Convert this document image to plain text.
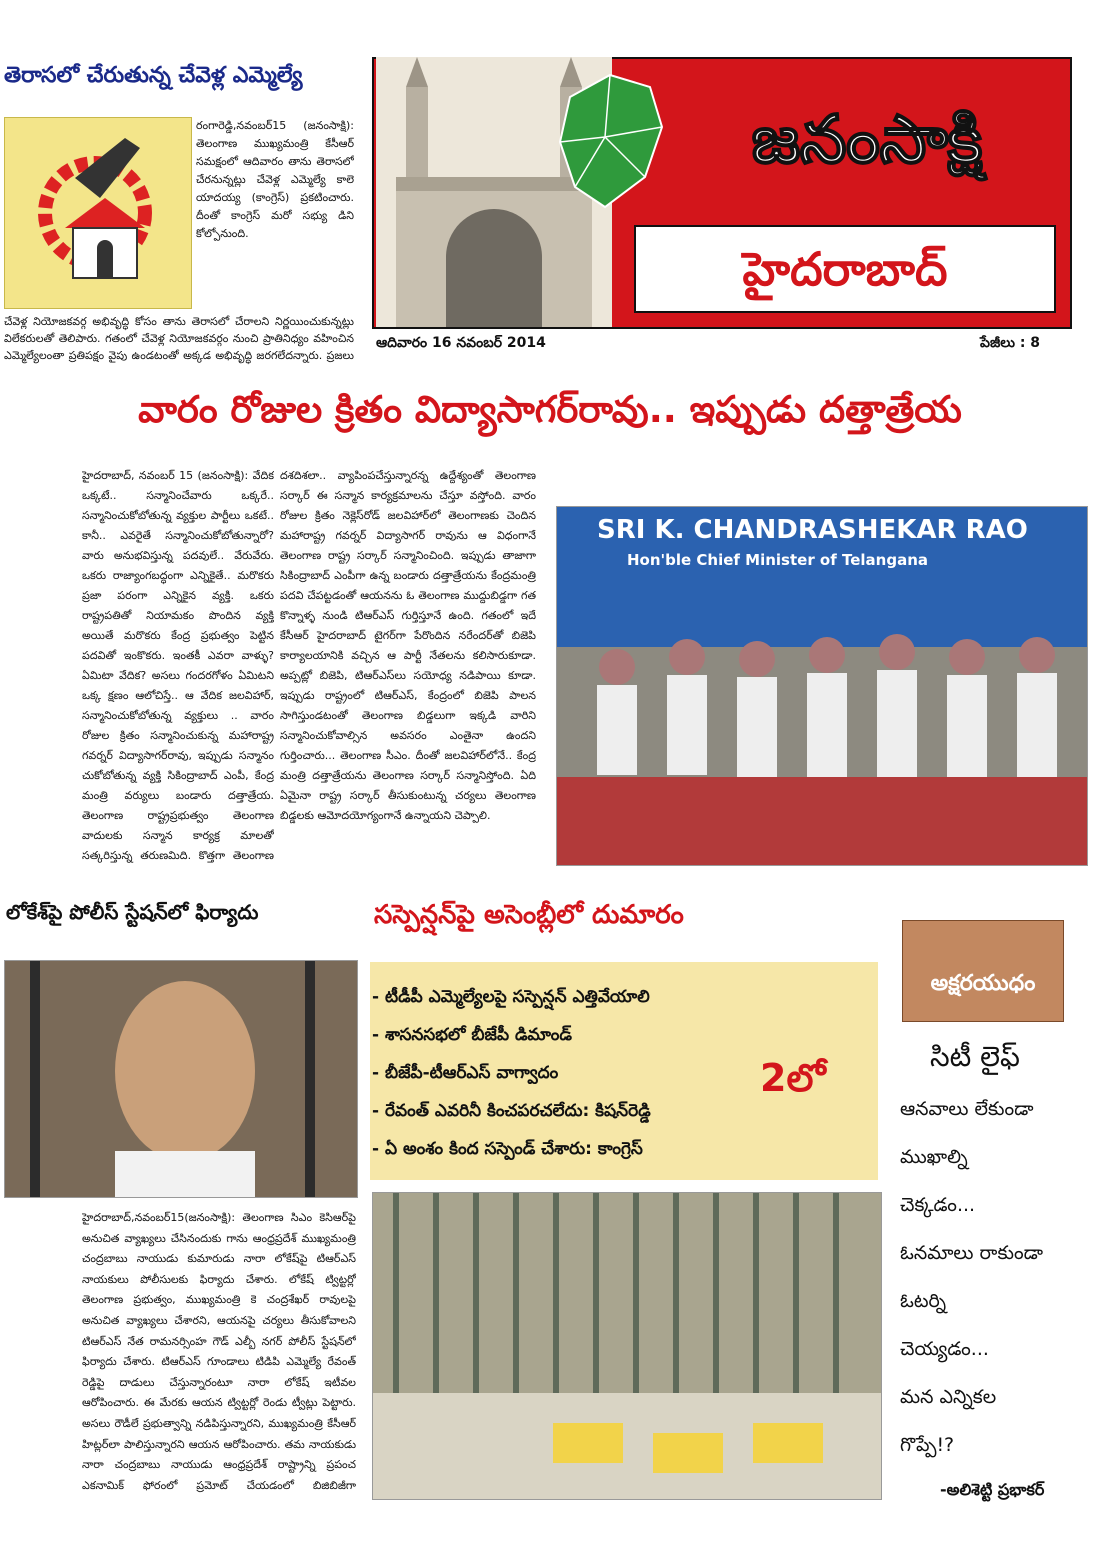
తెరాసలో చేరుతున్న చేవెళ్ల ఎమ్మెల్యే
రంగారెడ్డి,నవంబర్15 (జనంసాక్షి): తెలంగాణ ముఖ్యమంత్రి కేసీఆర్ సమక్షంలో ఆదివారం తాను తెరాసలో చేరనున్నట్లు చేవెళ్ల ఎమ్మెల్యే కాలె యాదయ్య (కాంగ్రెస్) ప్రకటించారు. దీంతో కాంగ్రెస్ మరో సభ్యు డిని కోల్పోనుంది.
చేవెళ్ల నియోజకవర్గ అభివృద్ధి కోసం తాను తెరాసలో చేరాలని నిర్ణయించుకున్నట్లు విలేకరులతో తెలిపారు. గతంలో చేవెళ్ల నియోజకవర్గం నుంచి ప్రాతినిధ్యం వహించిన ఎమ్మెల్యేలంతా ప్రతిపక్షం వైపు ఉండటంతో అక్కడ అభివృద్ధి జరగలేదన్నారు. ప్రజలు
జనంసాక్షి
హైదరాబాద్
ఆదివారం 16 నవంబర్ 2014	పేజీలు : 8
వారం రోజుల క్రితం విద్యాసాగర్‌రావు.. ఇప్పుడు దత్తాత్రేయ
హైదరాబాద్, నవంబర్ 15 (జనంసాక్షి): వేదిక ఒక్కటే.. సన్మానించేవారు ఒక్కరే.. సన్మానించుకోబోతున్న వ్యక్తుల పార్టీలు ఒకటే.. కానీ.. ఎవరైతే సన్మానించుకోబోతున్నారో? వారు అనుభవిస్తున్న పదవులే.. వేరువేరు. ఒకరు రాజ్యాంగబద్ధంగా ఎన్నికైతే.. మరొకరు ప్రజా పరంగా ఎన్నికైన వ్యక్తి. ఒకరు రాష్ట్రపతితో నియామకం పొందిన వ్యక్తి అయితే మరొకరు కేంద్ర ప్రభుత్వం పెట్టిన పదవితో ఇంకొకరు. ఇంతకీ ఎవరా వాళ్ళు? ఏమిటా వేదిక? అసలు గందరగోళం ఏమిటని ఒక్క క్షణం ఆలోచిస్తే.. ఆ వేదిక జలవిహార్, సన్మానించుకోబోతున్న వ్యక్తులు .. వారం రోజుల క్రితం సన్మానించుకున్న మహారాష్ట్ర గవర్నర్ విద్యాసాగర్‌రావు, ఇప్పుడు సన్మానం చుకోబోతున్న వ్యక్తి సికింద్రాబాద్ ఎంపీ, కేంద్ర మంత్రి వర్యులు బండారు దత్తాత్రేయ. తెలంగాణ రాష్ట్రప్రభుత్వం తెలంగాణ వాదులకు సన్మాన కార్యక్ర మాలతో సత్కరిస్తున్న తరుణమిది. కొత్తగా తెలంగాణ
దశదిశలా.. వ్యాపింపచేస్తున్నారన్న ఉద్దేశ్యంతో తెలంగాణ సర్కార్ ఈ సన్మాన కార్యక్రమాలను చేస్తూ వస్తోంది. వారం రోజుల క్రితం నెక్లెస్‌రోడ్ జలవిహార్‌లో తెలంగాణకు చెందిన మహారాష్ట్ర గవర్నర్ విద్యాసాగర్ రావును ఆ విధంగానే తెలంగాణ రాష్ట్ర సర్కార్ సన్మానించింది. ఇప్పుడు తాజాగా సికింద్రాబాద్ ఎంపీగా ఉన్న బండారు దత్తాత్రేయను కేంద్రమంత్రి పదవి చేపట్టడంతో ఆయనను ఓ తెలంగాణ ముద్దుబిడ్డగా గత కొన్నాళ్ళ నుండి టిఆర్ఎస్ గుర్తిస్తూనే ఉంది. గతంలో ఇదే కేసీఆర్ హైదరాబాద్ టైగర్‌గా పేరొందిన నరేందర్‌తో బిజెపి కార్యాలయానికి వచ్చిన ఆ పార్టీ నేతలను కలిసారుకూడా. అప్పట్లో బిజెపి, టిఆర్ఎస్‌లు సయోధ్య నడిపాయి కూడా. ఇప్పుడు రాష్ట్రంలో టిఆర్ఎస్, కేంద్రంలో బిజెపి పాలన సాగిస్తుండటంతో తెలంగాణ బిడ్డలుగా ఇక్కడి వారిని సన్మానించుకోవాల్సిన అవసరం ఎంతైనా ఉందని గుర్తించారు... తెలంగాణ సీఎం. దీంతో జలవిహార్‌లోనే.. కేంద్ర మంత్రి దత్తాత్రేయను తెలంగాణ సర్కార్ సన్మానిస్తోంది. ఏది ఏమైనా రాష్ట్ర సర్కార్ తీసుకుంటున్న చర్యలు తెలంగాణ బిడ్డలకు ఆమోదయోగ్యంగానే ఉన్నాయని చెప్పాలి.
SRI K. CHANDRASHEKAR RAO
Hon'ble Chief Minister of Telangana
లోకేశ్‌పై పోలీస్ స్టేషన్‌లో ఫిర్యాదు
హైదరాబాద్,నవంబర్15(జనంసాక్షి): తెలంగాణ సిఎం కెసిఆర్‌పై అనుచిత వ్యాఖ్యలు చేసినందుకు గాను ఆంధ్రప్రదేశ్ ముఖ్యమంత్రి చంద్రబాబు నాయుడు కుమారుడు నారా లోకేష్‌పై టిఆర్ఎస్ నాయకులు పోలీసులకు ఫిర్యాదు చేశారు. లోకేష్ ట్విట్టర్లో తెలంగాణ ప్రభుత్వం, ముఖ్యమంత్రి కె చంద్రశేఖర్ రావులపై అనుచిత వ్యాఖ్యలు చేశారని, ఆయనపై చర్యలు తీసుకోవాలని టిఆర్ఎస్ నేత రామనర్సింహ గౌడ్ ఎల్బీ నగర్ పోలీస్ స్టేషన్‌లో ఫిర్యాదు చేశారు. టిఆర్ఎస్ గూండాలు టిడిపి ఎమ్మెల్యే రేవంత్ రెడ్డిపై దాడులు చేస్తున్నారంటూ నారా లోకేష్ ఇటీవల ఆరోపించారు. ఈ మేరకు ఆయన ట్విట్టర్లో రెండు ట్వీట్లు పెట్టారు. అసలు రౌడీలే ప్రభుత్వాన్ని నడిపిస్తున్నారని, ముఖ్యమంత్రి కేసీఆర్ హిట్లర్‌లా పాలిస్తున్నారని ఆయన ఆరోపించారు. తమ నాయకుడు నారా చంద్రబాబు నాయుడు ఆంధ్రప్రదేశ్ రాష్ట్రాన్ని ప్రపంచ ఎకనామిక్ ఫోరంలో ప్రమోట్ చేయడంలో బిజిబిజీగా
సస్పెన్షన్‌పై అసెంబ్లీలో దుమారం
- టీడీపీ ఎమ్మెల్యేలపై సస్పెన్షన్ ఎత్తివేయాలి
- శాసనసభలో బీజేపీ డిమాండ్
- బీజేపీ-టీఆర్ఎస్ వాగ్వాదం
- రేవంత్ ఎవరినీ కించపరచలేదు: కిషన్‌రెడ్డి
- ఏ అంశం కింద సస్పెండ్ చేశారు: కాంగ్రెస్
2లో
అక్షరయుధం
సిటీ లైఫ్
ఆనవాలు లేకుండా
ముఖాల్ని
చెక్కడం...
ఓనమాలు రాకుండా
ఓటర్ని
చెయ్యడం...
మన ఎన్నికల
గొప్పే!?
-అలిశెట్టి ప్రభాకర్
